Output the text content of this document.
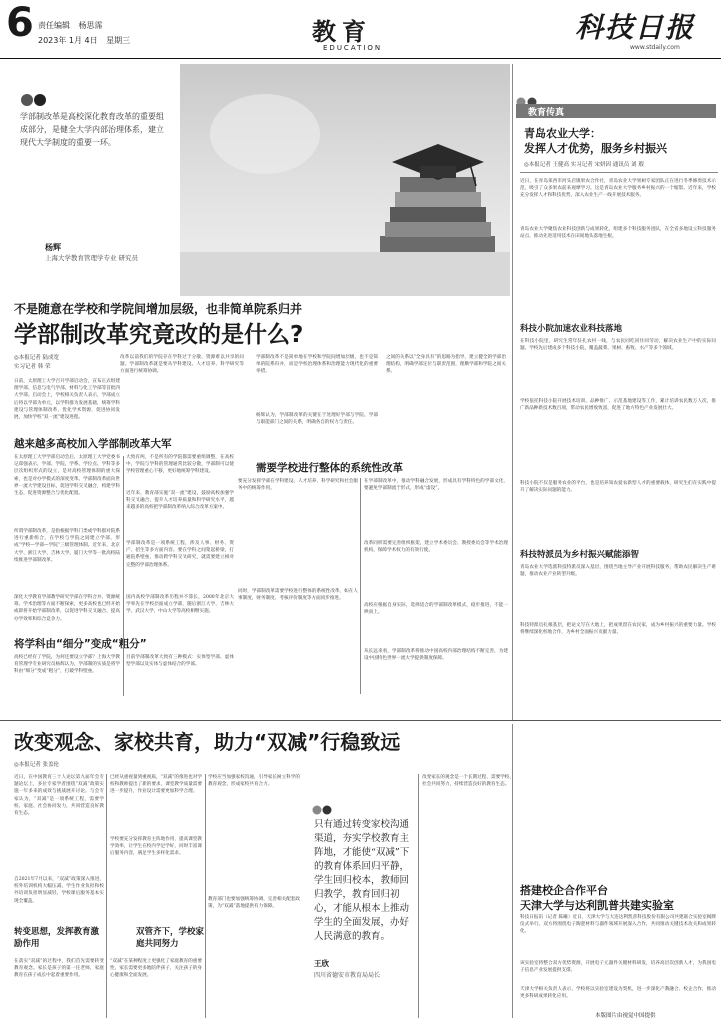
6 责任编辑 杨思霈
2023年 1月 4日 星期三	教育
EDUCATION
科技日报
www.stdaily.com
学部制改革是高校深化教育改革的重要组成部分，是健全大学内部治理体系，建立现代大学制度的重要一环。
杨辉
上海大学教育管理学专业 研究员
不是随意在学校和学院间增加层级，也非简单院系归并
学部制改革究竟改的是什么?
◎本报记者 陆成宽
实习记者 韩 荣
日前，太原理工大学召开学部启动会，宣布正式组建理学部、信息与电气学部、材料与化工学部等首批四大学部。启动会上，学校相关负责人表示，学部成立后将以学部为单元，以学科群为发展基础，统筹学科建设与管理体制改革，优化学术资源，促进协同发展，加快学校“双一流”建设进程。
越来越多高校加入学部制改革大军
在太原理工大学学部启动会后，太原理工大学党委书记郑强表示，学部、学院、学系、学位点、学科等多层次组织形式的设立，是对高校管理体制的重大探索，也是对办学模式的深度变革。学部制改革面向世界一流大学建设目标，促进学科交叉融合，构建学科生态，促进资源整合与优化配置。
所谓学部制改革，是指根据学科门类或学科群对院系进行重新组合，在学校与学院之间建立学部，形成“学校—学部—学院”三级管理体制。近年来，北京大学、浙江大学、吉林大学、厦门大学等一批高校陆续推进学部制改革。
深化大学教育学部教学研究学部在学科合并、资源统筹、学术治理等方面不断探索，更多高校也已经开始或即将开始学部制改革，以促进学科交叉融合、提高办学效率和综合竞争力。
将学科由“细分”变成“粗分”
高校已经有了学院，为何还要设立学部？上海大学教育管理学专业研究员杨辉认为，学部制的实质是将学科由“细分”变成“粗分”，打破学科壁垒。
大致有两，不是所有的学院都需要重组调整，在高校中，学院与学科的管理通常比较分散，学部制可以使学校管理重心下移，更好地统筹学科建设。
近年来，教育部实施“双一流”建设，鼓励高校加强学科交叉融合，提升人才培养质量和科学研究水平，越来越多的高校把学部制改革纳入综合改革方案中。
学部制改革是一项系统工程，涉及人事、财务、资产、招生等多方面内容。要在学科之间架起桥梁，打通院系壁垒，推动跨学科交叉研究，就需要建立相对完整的学部治理体系。
国内高校学部制改革历程并不算长，2000年北京大学率先在学校层面成立学部，随后浙江大学、吉林大学、武汉大学、中山大学等高校相继实施。
目前学部制改革大致有三种模式：实体型学部、虚体型学部以及实体与虚体结合的学部。
改革以前我们的学院存在学科过于分散、资源难以共享的问题。学部制改革就是要从学科建设、人才培养、科学研究等方面进行统筹协调。
学部制改革不是简单地在学校和学院间增加层级，也不是简单的院系归并，而是学校治理体系和治理能力现代化的重要举措。
杨辉认为，学部制改革的关键在于处理好学部与学院、学部与职能部门之间的关系，明确各自的权力与责任。
需要学校进行整体的系统性改革
要充分发挥学部在学科建设、人才培养、科学研究和社会服务中的统筹作用。
同时，学部制改革需要学校进行整体的系统性改革，如在人事制度、财务制度、考核评价制度等方面同步推进。
之间的关系以“全身具有”的思路为指导，建立健全的学部治理结构，明确学部定位与职责范围，理顺学部和学院之间关系。
在学部制改革中，推动学科融合发展，形成具有学科特色的学部文化，要避免学部制流于形式，形成“虚设”。
改革同样需要完善组织框架，建立学术委员会、教授委员会等学术治理机构，保障学术权力的有效行使。
高校应根据自身实际，选择适合的学部制改革模式，稳步推进，不能一哄而上。
从长远来看，学部制改革将推动中国高校内部治理结构不断完善，为建设中国特色世界一流大学提供制度保障。
教育传真
青岛农业大学：
发挥人才优势，服务乡村振兴
◎本报记者 王健高 实习记者 宋妍因 通讯员 刘 瑕
近日，在青岛莱西市河头店镇果农合作社，青岛农业大学果树专家团队正在进行冬季修剪技术示范，吸引了众多果农前来观摩学习。这是青岛农业大学服务乡村振兴的一个缩影。近年来，学校充分发挥人才和科技优势，深入农业生产一线开展技术服务。
青岛农业大学聚焦农业科技创新与成果转化，组建多个科技服务团队，在全省多地设立科技服务站点，推动先进适用技术在田间地头落地生根。
科技小院加速农业科技落地
在科技小院里，研究生常年驻扎农村一线，与农民同吃同住同劳动，解决农业生产中的实际问题。学校先后建成多个科技小院，覆盖蔬菜、果树、畜牧、水产等多个领域。
学校依托科技小院开展技术培训、品种推广、示范基地建设等工作，累计培训农民数万人次，推广新品种新技术数百项，带动农民增收致富，促进了地方特色产业发展壮大。
科技小院不仅是服务农业的平台，也是培养知农爱农新型人才的重要载体，研究生们在实践中提升了解决实际问题的能力。
科技特派员为乡村振兴赋能添智
青岛农业大学选派科技特派员深入基层，围绕当地主导产业开展科技服务，帮助农民解决生产难题，推动农业产业转型升级。
科技特派员扎根基层，把论文写在大地上，把成果留在农民家，成为乡村振兴的重要力量。学校将继续深化校地合作，为乡村全面振兴贡献力量。
改变观念、家校共育，助力“双减”行稳致远
◎本报记者 张盖伦
近日，在中国教育三十人论坛第九届年会专题论坛上，多位专家学者围绕“双减”政策实施一年多来的成效与挑战展开讨论。与会专家认为，“双减”是一项系统工程，需要学校、家庭、社会协同发力，共同营造良好教育生态。
自2021年7月以来，“双减”政策深入推进，校外培训机构大幅压减，学生作业负担和校外培训负担明显减轻，学校课后服务基本实现全覆盖。
转变思想，发挥教育激励作用
在落实“双减”的过程中，我们首先需要转变教育观念。家长是孩子的第一任老师，家庭教育在孩子成长中起着重要作用。
已经从重视量到重视质，“双减”的推进也对学校和教师提出了新的要求，课堂教学质量需要进一步提升，作业设计需要更加科学合理。
学校要充分发挥教育主阵地作用，提高课堂教学效率，让学生在校内学足学好，同时丰富课后服务内容，满足学生多样化需求。
双管齐下，学校家庭共同努力
“双减”在某种程度上更强化了家庭教育的重要性，家长需要更多地陪伴孩子，关注孩子的身心健康和全面发展。
学校应当加强家校沟通，引导家长树立科学的教育观念，形成家校共育合力。
教育部门也要加强统筹协调，完善相关配套政策，为“双减”落地提供有力保障。
只有通过转变家校沟通渠道，夯实学校教育主阵地，才能使“双减”下的教育体系回归平静，学生回归校本，教师回归教学，教育回归初心，才能从根本上推动学生的全面发展，办好人民满意的教育。
王欣
四川省德安市教育局局长
改变家长的观念是一个长期过程，需要学校、社会共同努力，持续营造良好的教育生态。
搭建校企合作平台
天津大学与达利凯普共建实验室
科技日报讯（记者 陈曦）近日，天津大学与大连达利凯普科技股份有限公司共建联合实验室揭牌仪式举行。双方将围绕电子陶瓷材料与器件领域开展深入合作，共同推动关键技术攻关和成果转化。
该实验室将整合双方优势资源，开展电子元器件关键材料研发，培养高层次创新人才，为我国电子信息产业发展提供支撑。
天津大学相关负责人表示，学校将以实验室建设为契机，进一步深化产教融合、校企合作，推动更多科研成果转化应用。
本版图片由视觉中国提供
